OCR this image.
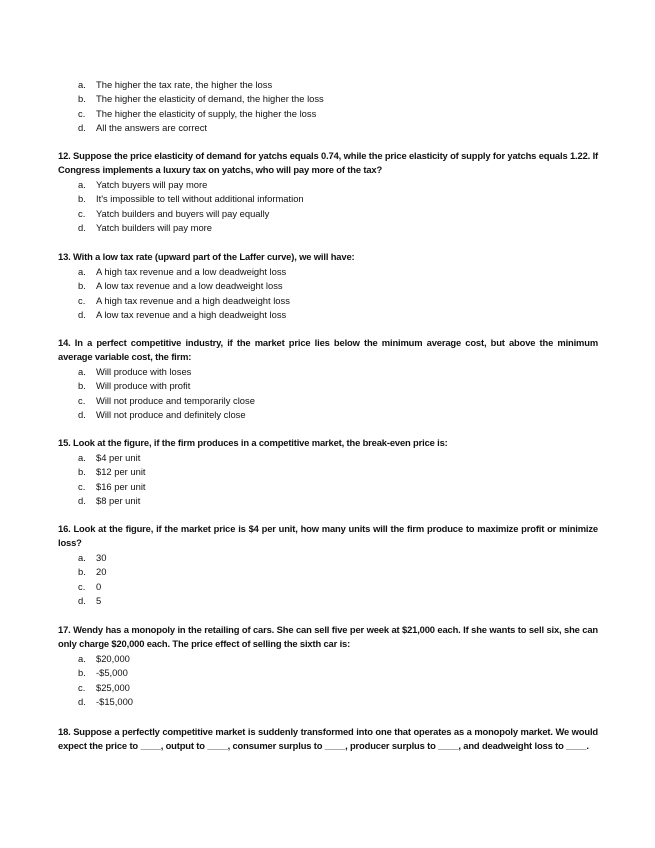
a. The higher the tax rate, the higher the loss
b. The higher the elasticity of demand, the higher the loss
c. The higher the elasticity of supply, the higher the loss
d. All the answers are correct

12. Suppose the price elasticity of demand for yatchs equals 0.74, while the price elasticity of supply for yatchs equals 1.22. If Congress implements a luxury tax on yatchs, who will pay more of the tax?

a. Yatch buyers will pay more
b. It's impossible to tell without additional information
c. Yatch builders and buyers will pay equally
d. Yatch builders will pay more

13. With a low tax rate (upward part of the Laffer curve), we will have:

a. A high tax revenue and a low deadweight loss
b. A low tax revenue and a low deadweight loss
c. A high tax revenue and a high deadweight loss
d. A low tax revenue and a high deadweight loss

14. In a perfect competitive industry, if the market price lies below the minimum average cost, but above the minimum average variable cost, the firm:

a. Will produce with loses
b. Will produce with profit
c. Will not produce and temporarily close
d. Will not produce and definitely close

15. Look at the figure, if the firm produces in a competitive market, the break-even price is:

a. $4 per unit
b. $12 per unit
c. $16 per unit
d. $8 per unit

16. Look at the figure, if the market price is $4 per unit, how many units will the firm produce to maximize profit or minimize loss?

a. 30
b. 20
c. 0
d. 5

17. Wendy has a monopoly in the retailing of cars. She can sell five per week at $21,000 each. If she wants to sell six, she can only charge $20,000 each. The price effect of selling the sixth car is:

a. $20,000
b. -$5,000
c. $25,000
d. -$15,000

18. Suppose a perfectly competitive market is suddenly transformed into one that operates as a monopoly market. We would expect the price to ____, output to ____, consumer surplus to ____, producer surplus to ____, and deadweight loss to ____.
